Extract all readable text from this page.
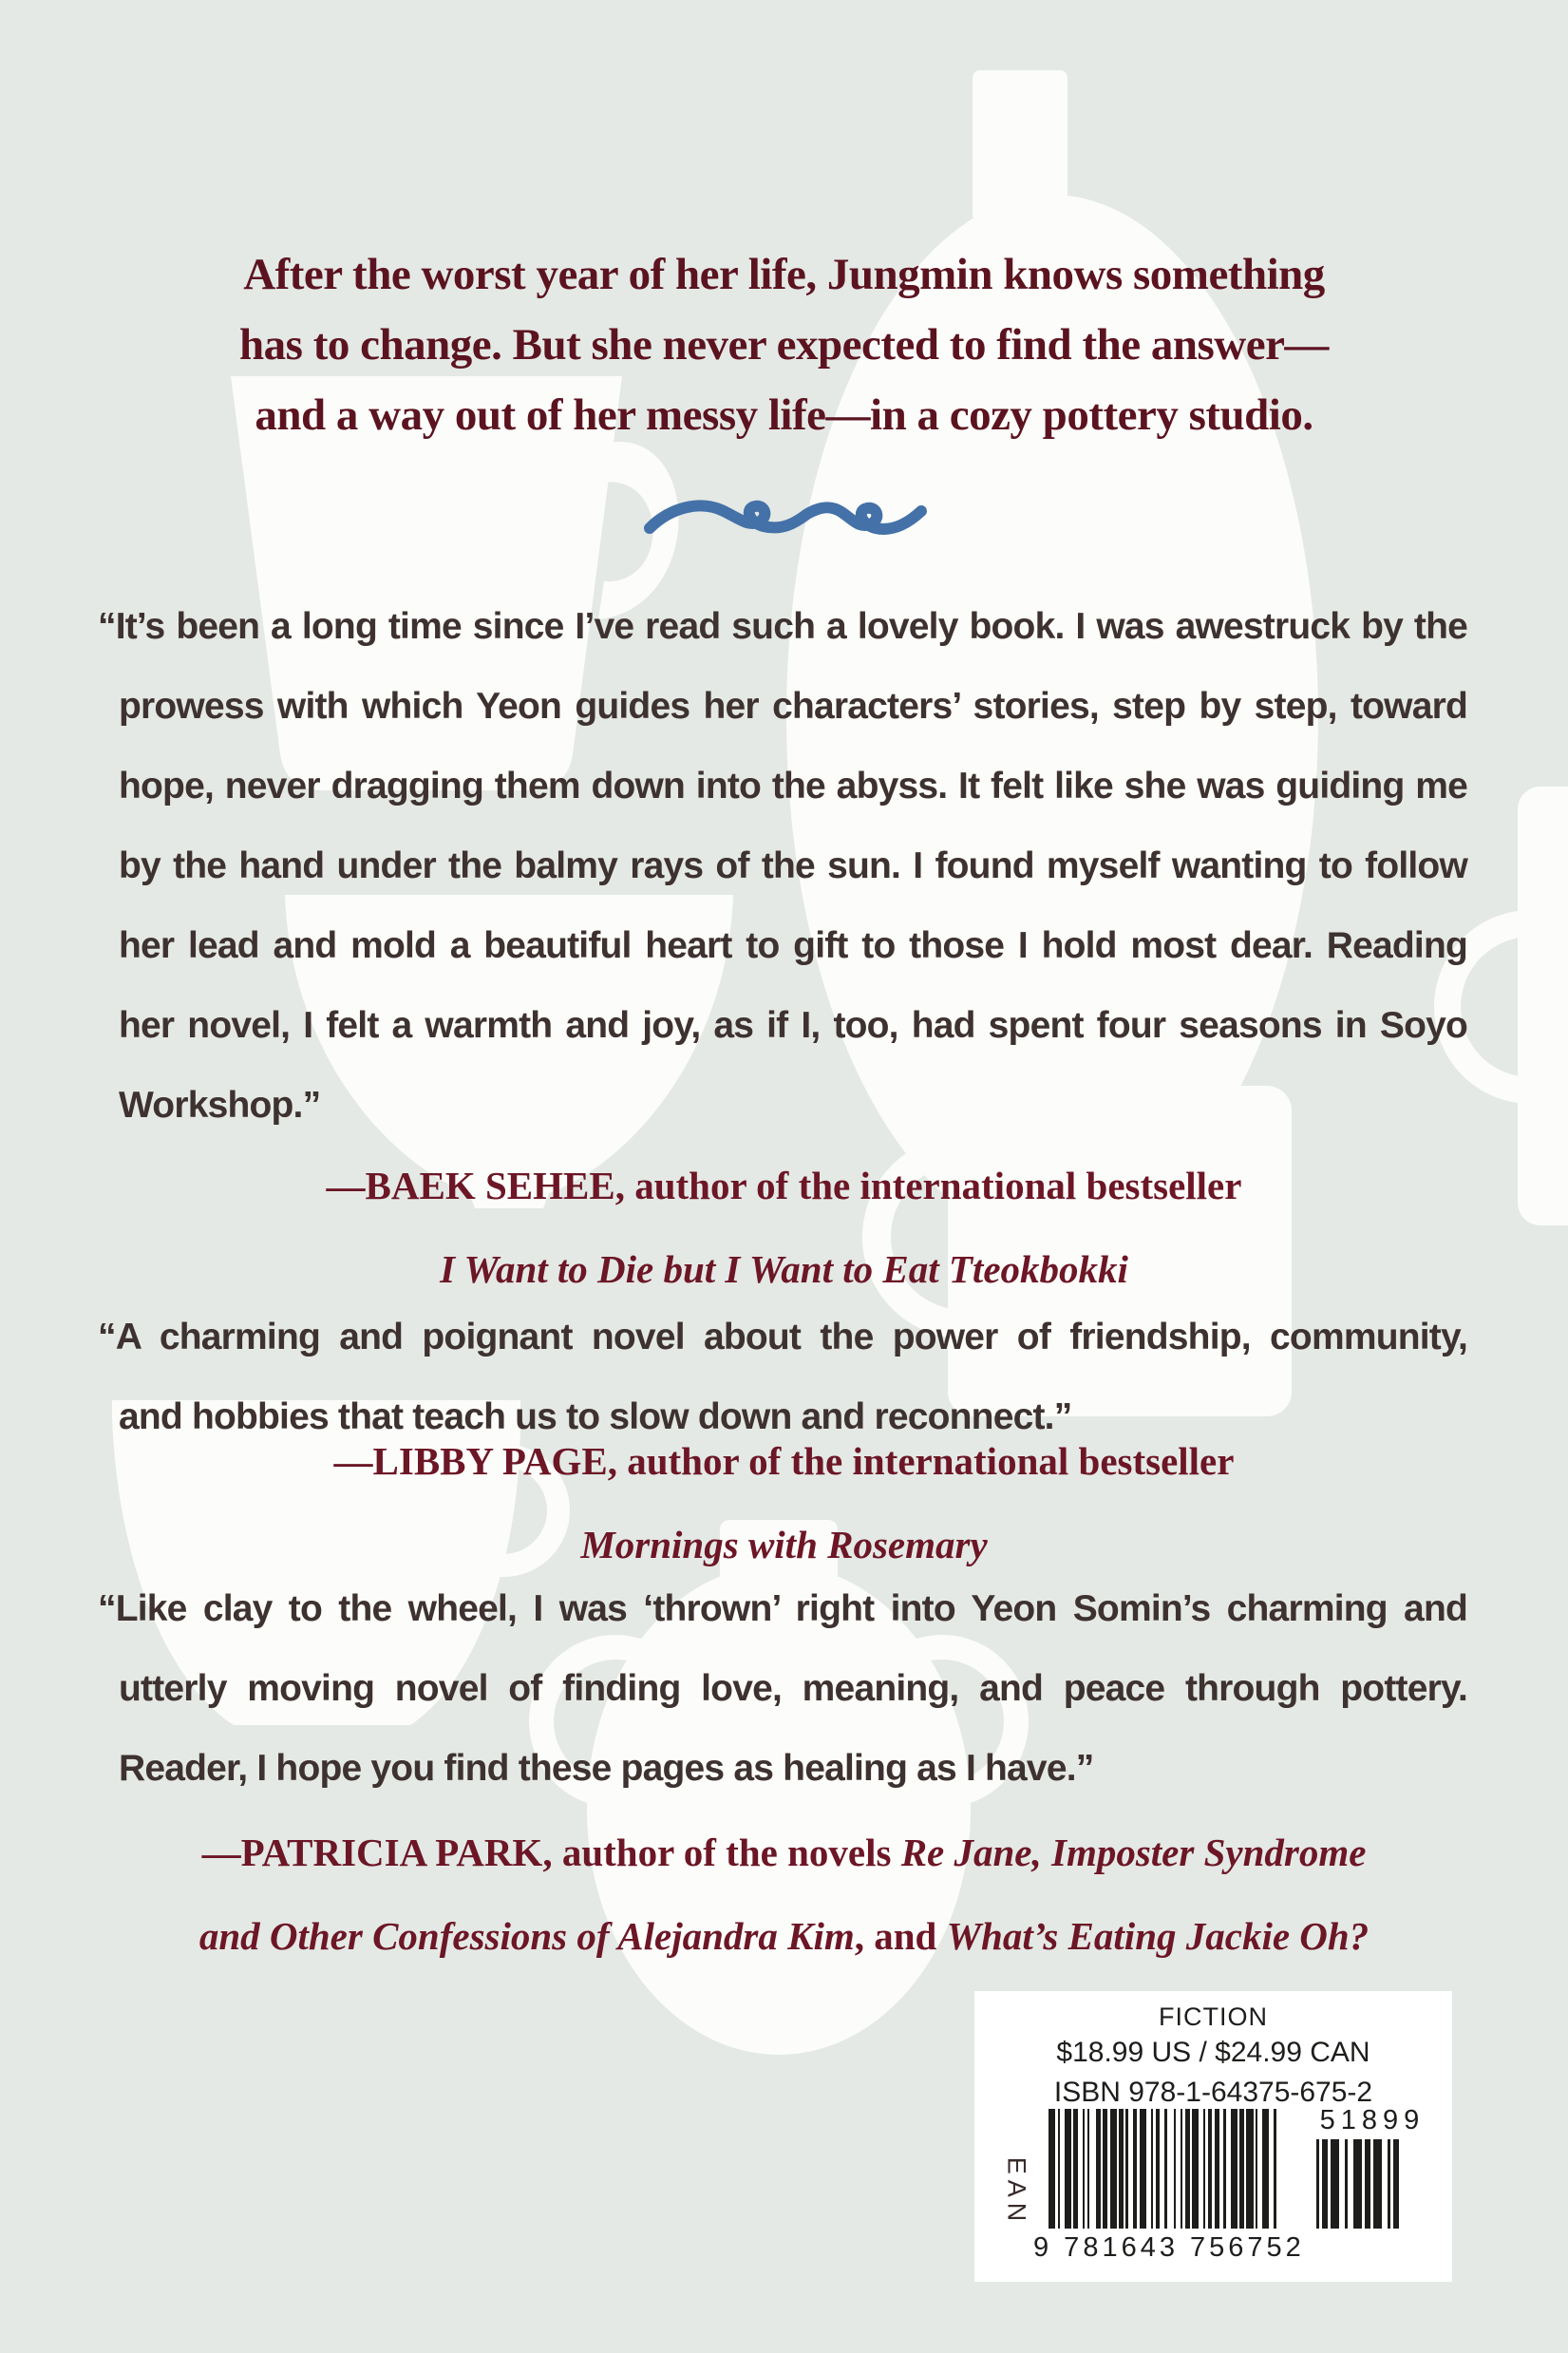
After the worst year of her life, Jungmin knows something
has to change. But she never expected to find the answer—
and a way out of her messy life—in a cozy pottery studio.
“It’s been a long time since I’ve read such a lovely book. I was awestruck by the
prowess with which Yeon guides her characters’ stories, step by step, toward
hope, never dragging them down into the abyss. It felt like she was guiding me
by the hand under the balmy rays of the sun. I found myself wanting to follow
her lead and mold a beautiful heart to gift to those I hold most dear. Reading
her novel, I felt a warmth and joy, as if I, too, had spent four seasons in Soyo
Workshop.”
—BAEK SEHEE, author of the international bestseller
I Want to Die but I Want to Eat Tteokbokki
“A charming and poignant novel about the power of friendship, community,
and hobbies that teach us to slow down and reconnect.”
—LIBBY PAGE, author of the international bestseller
Mornings with Rosemary
“Like clay to the wheel, I was ‘thrown’ right into Yeon Somin’s charming and
utterly moving novel of finding love, meaning, and peace through pottery.
Reader, I hope you find these pages as healing as I have.”
—PATRICIA PARK, author of the novels Re Jane, Imposter Syndrome
and Other Confessions of Alejandra Kim, and What’s Eating Jackie Oh?
FICTION
$18.99 US / $24.99 CAN
ISBN 978-1-64375-675-2
EAN
51899
9 781643 756752
